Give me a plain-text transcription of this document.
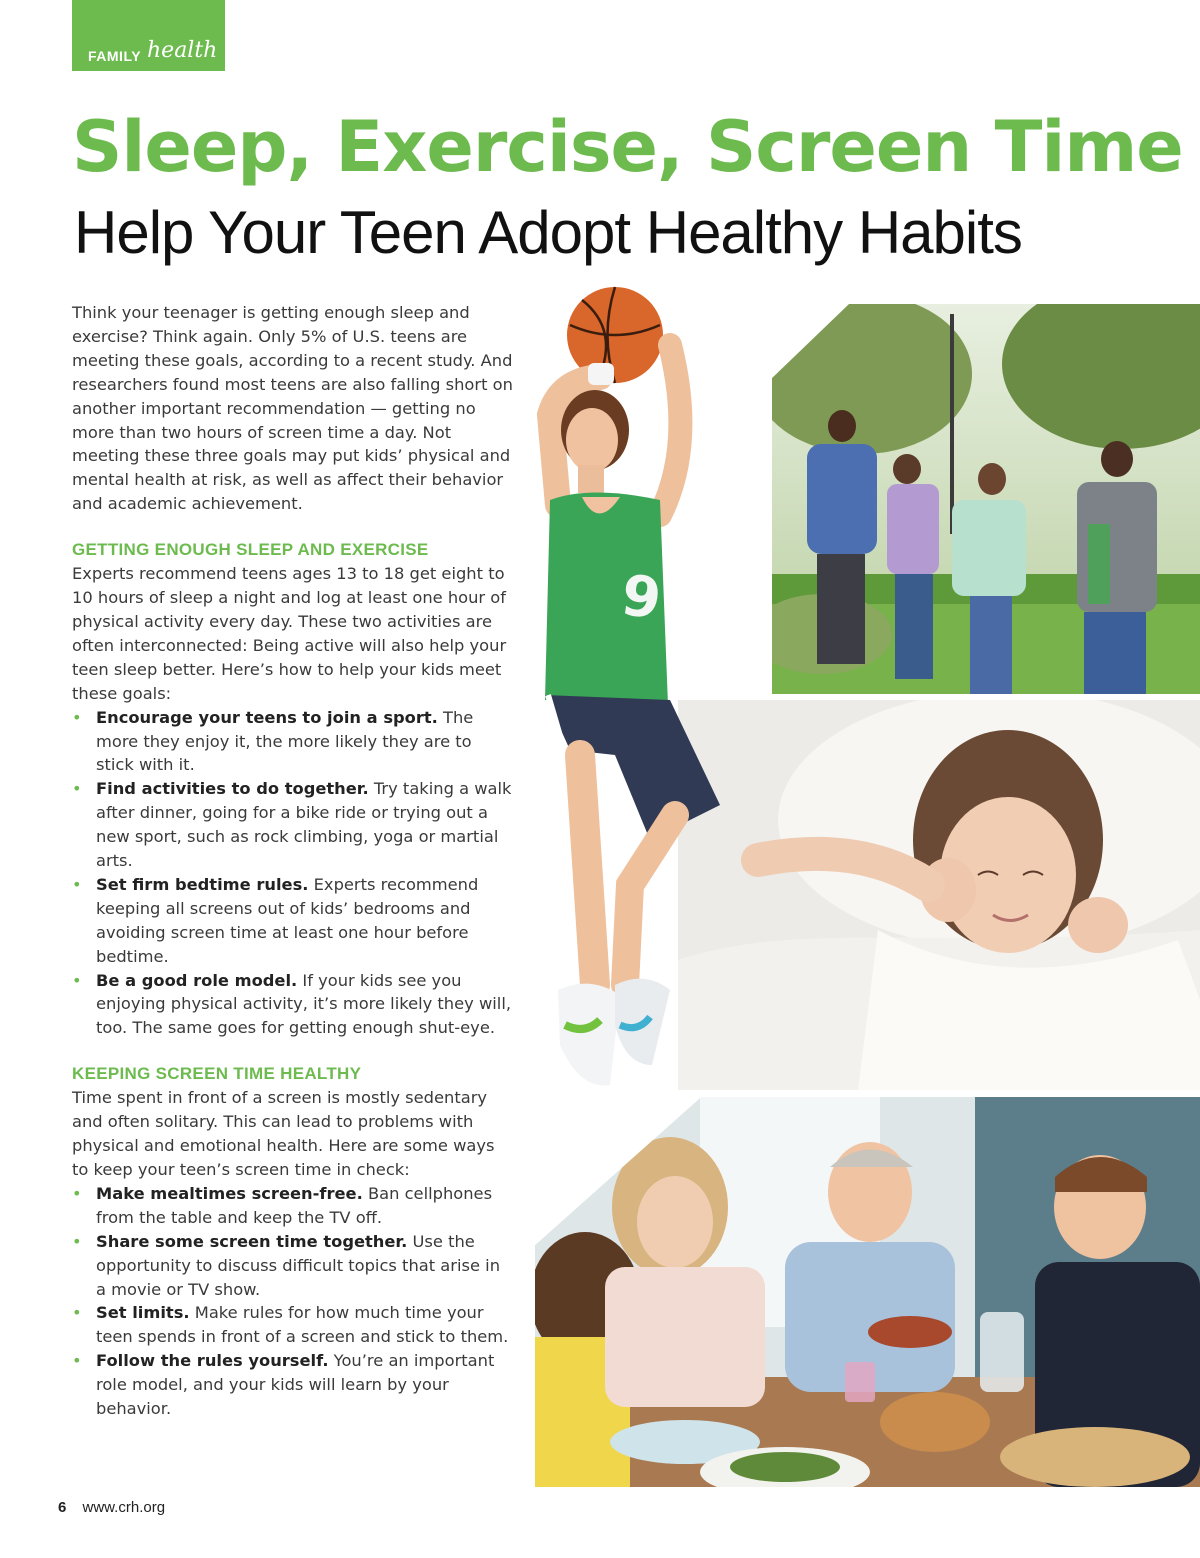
FAMILY health
Sleep, Exercise, Screen Time
Help Your Teen Adopt Healthy Habits

Think your teenager is getting enough sleep and exercise? Think again. Only 5% of U.S. teens are meeting these goals, according to a recent study. And researchers found most teens are also falling short on another important recommendation — getting no more than two hours of screen time a day. Not meeting these three goals may put kids’ physical and mental health at risk, as well as affect their behavior and academic achievement.

GETTING ENOUGH SLEEP AND EXERCISE

Experts recommend teens ages 13 to 18 get eight to 10 hours of sleep a night and log at least one hour of physical activity every day. These two activities are often interconnected: Being active will also help your teen sleep better. Here’s how to help your kids meet these goals:

• Encourage your teens to join a sport. The more they enjoy it, the more likely they are to stick with it.
• Find activities to do together. Try taking a walk after dinner, going for a bike ride or trying out a new sport, such as rock climbing, yoga or martial arts.
• Set firm bedtime rules. Experts recommend keeping all screens out of kids’ bedrooms and avoiding screen time at least one hour before bedtime.
• Be a good role model. If your kids see you enjoying physical activity, it’s more likely they will, too. The same goes for getting enough shut-eye.
KEEPING SCREEN TIME HEALTHY

Time spent in front of a screen is mostly sedentary and often solitary. This can lead to problems with physical and emotional health. Here are some ways to keep your teen’s screen time in check:

• Make mealtimes screen-free. Ban cellphones from the table and keep the TV off.
• Share some screen time together. Use the opportunity to discuss difficult topics that arise in a movie or TV show.
• Set limits. Make rules for how much time your teen spends in front of a screen and stick to them.
• Follow the rules yourself. You’re an important role model, and your kids will learn by your behavior.
9
6 www.crh.org
